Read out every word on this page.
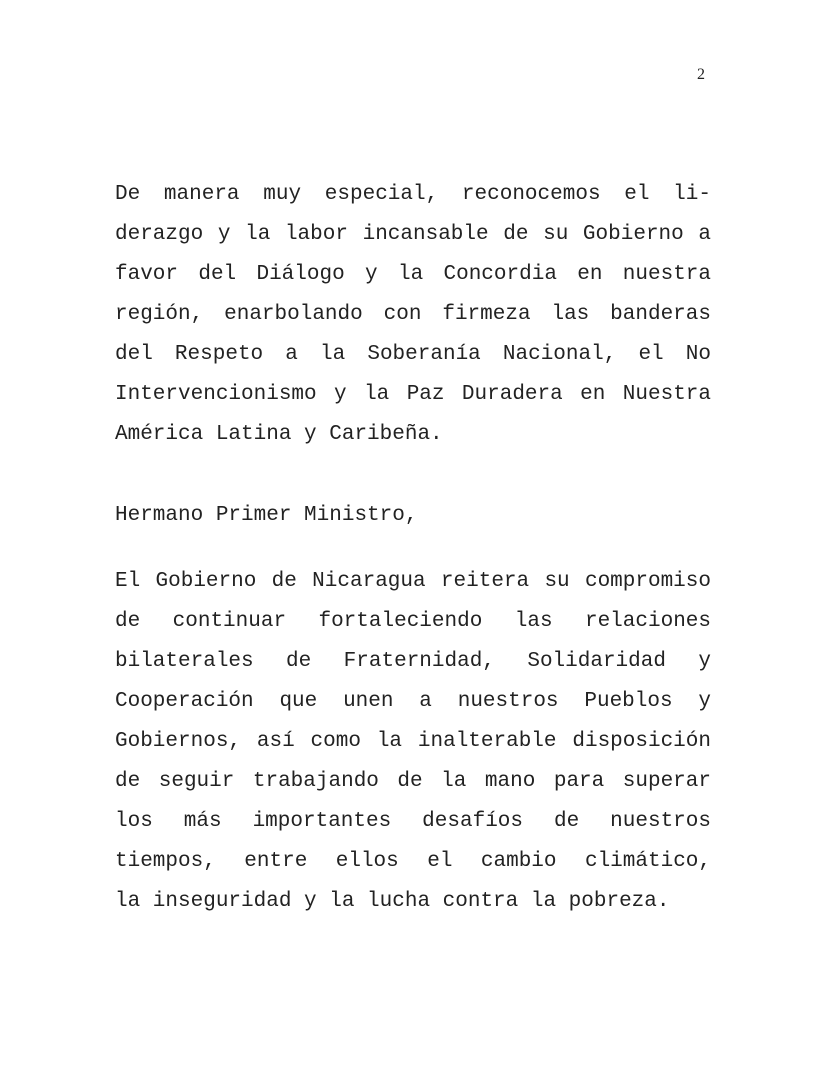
2
De manera muy especial, reconocemos el li-
derazgo y la labor incansable de su Gobierno a
favor del Diálogo y la Concordia en nuestra
región, enarbolando con firmeza las banderas
del Respeto a la Soberanía Nacional, el No
Intervencionismo y la Paz Duradera en Nuestra
América Latina y Caribeña.
Hermano Primer Ministro,
El Gobierno de Nicaragua reitera su compromiso
de continuar fortaleciendo las relaciones
bilaterales de Fraternidad, Solidaridad y
Cooperación que unen a nuestros Pueblos y
Gobiernos, así como la inalterable disposición
de seguir trabajando de la mano para superar
los más importantes desafíos de nuestros
tiempos, entre ellos el cambio climático,
la inseguridad y la lucha contra la pobreza.
